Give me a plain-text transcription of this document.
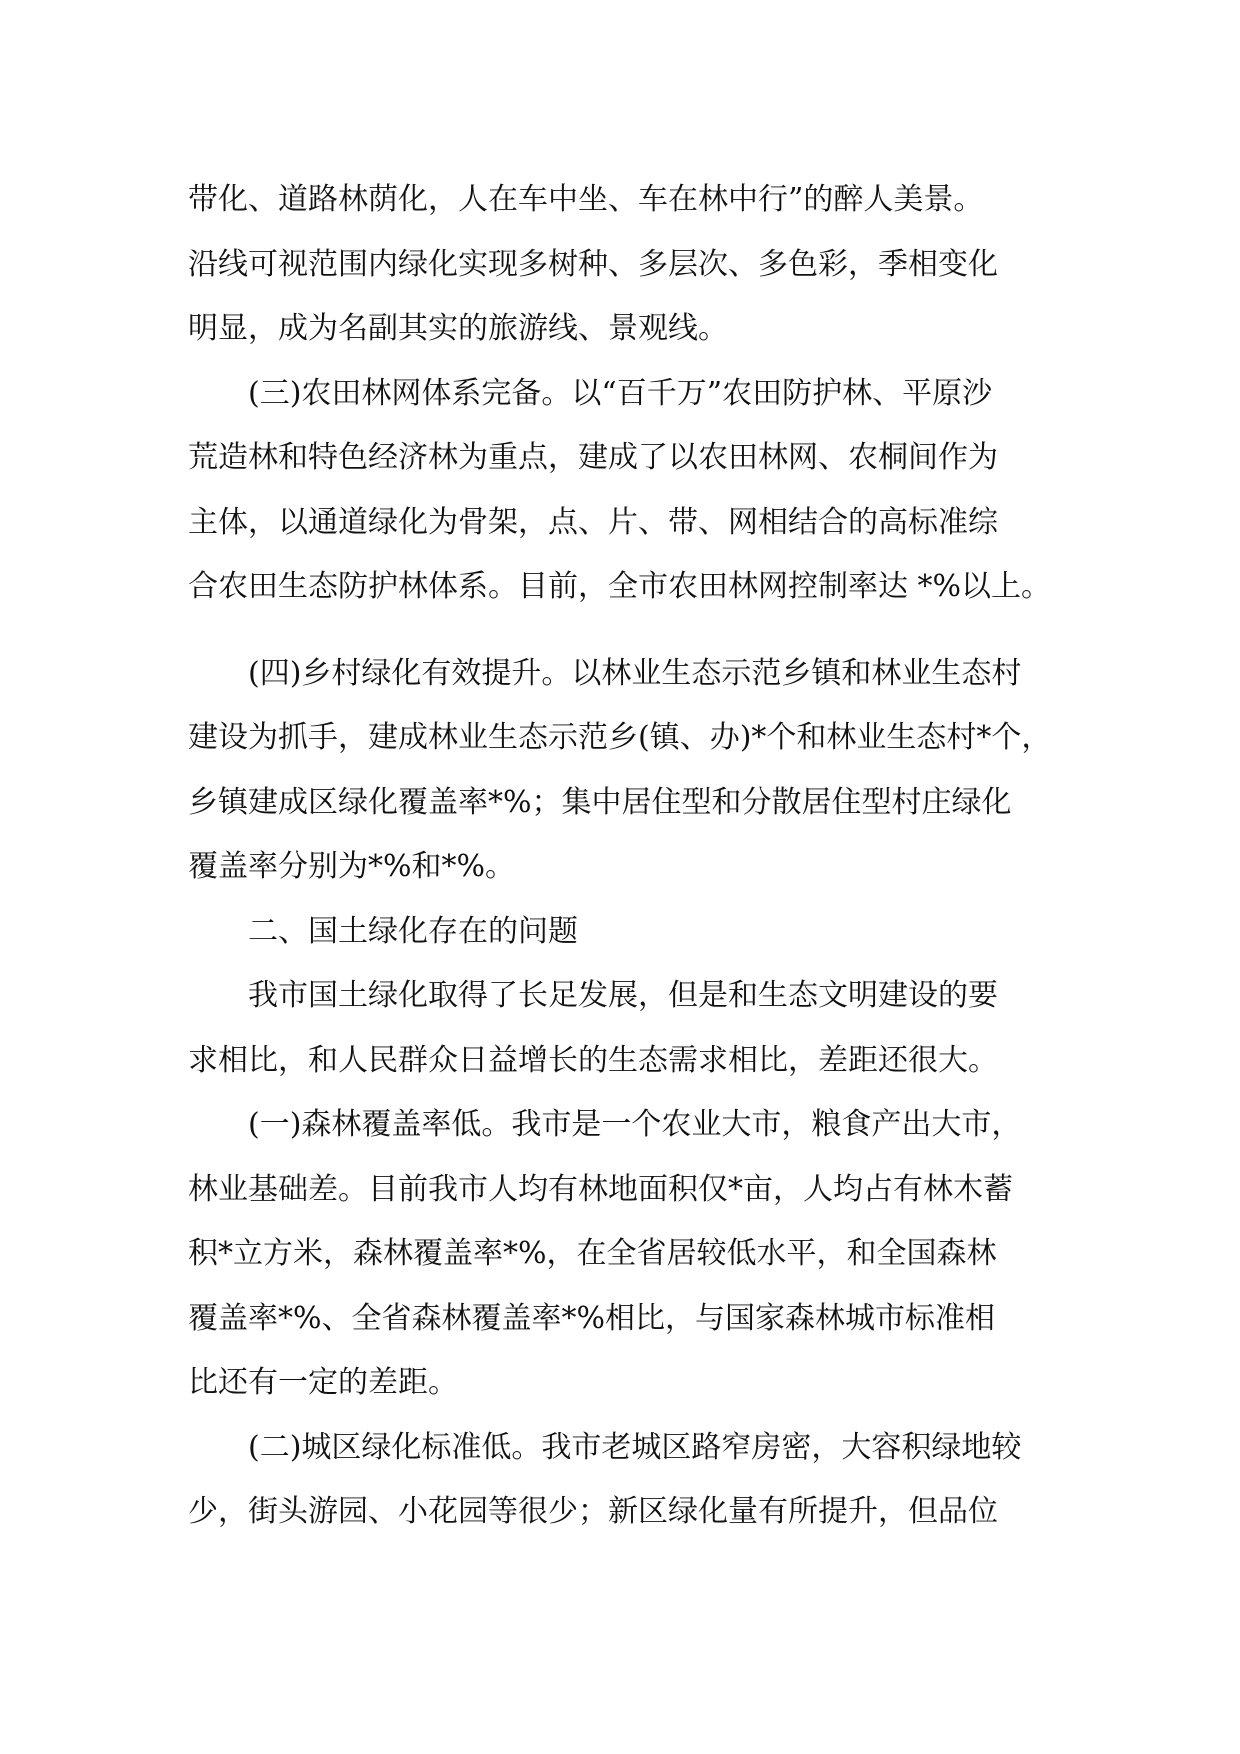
带化、道路林荫化，人在车中坐、车在林中行”的醉人美景。
沿线可视范围内绿化实现多树种、多层次、多色彩，季相变化
明显，成为名副其实的旅游线、景观线。
(三)农田林网体系完备。以“百千万”农田防护林、平原沙
荒造林和特色经济林为重点，建成了以农田林网、农桐间作为
主体，以通道绿化为骨架，点、片、带、网相结合的高标准综
合农田生态防护林体系。目前，全市农田林网控制率达 *%以上。
(四)乡村绿化有效提升。以林业生态示范乡镇和林业生态村
建设为抓手，建成林业生态示范乡(镇、办)*个和林业生态村*个，
乡镇建成区绿化覆盖率*%；集中居住型和分散居住型村庄绿化
覆盖率分别为*%和*%。
二、国土绿化存在的问题
我市国土绿化取得了长足发展，但是和生态文明建设的要
求相比，和人民群众日益增长的生态需求相比，差距还很大。
(一)森林覆盖率低。我市是一个农业大市，粮食产出大市，
林业基础差。目前我市人均有林地面积仅*亩，人均占有林木蓄
积*立方米，森林覆盖率*%，在全省居较低水平，和全国森林
覆盖率*%、全省森林覆盖率*%相比，与国家森林城市标准相
比还有一定的差距。
(二)城区绿化标准低。我市老城区路窄房密，大容积绿地较
少，街头游园、小花园等很少；新区绿化量有所提升，但品位
